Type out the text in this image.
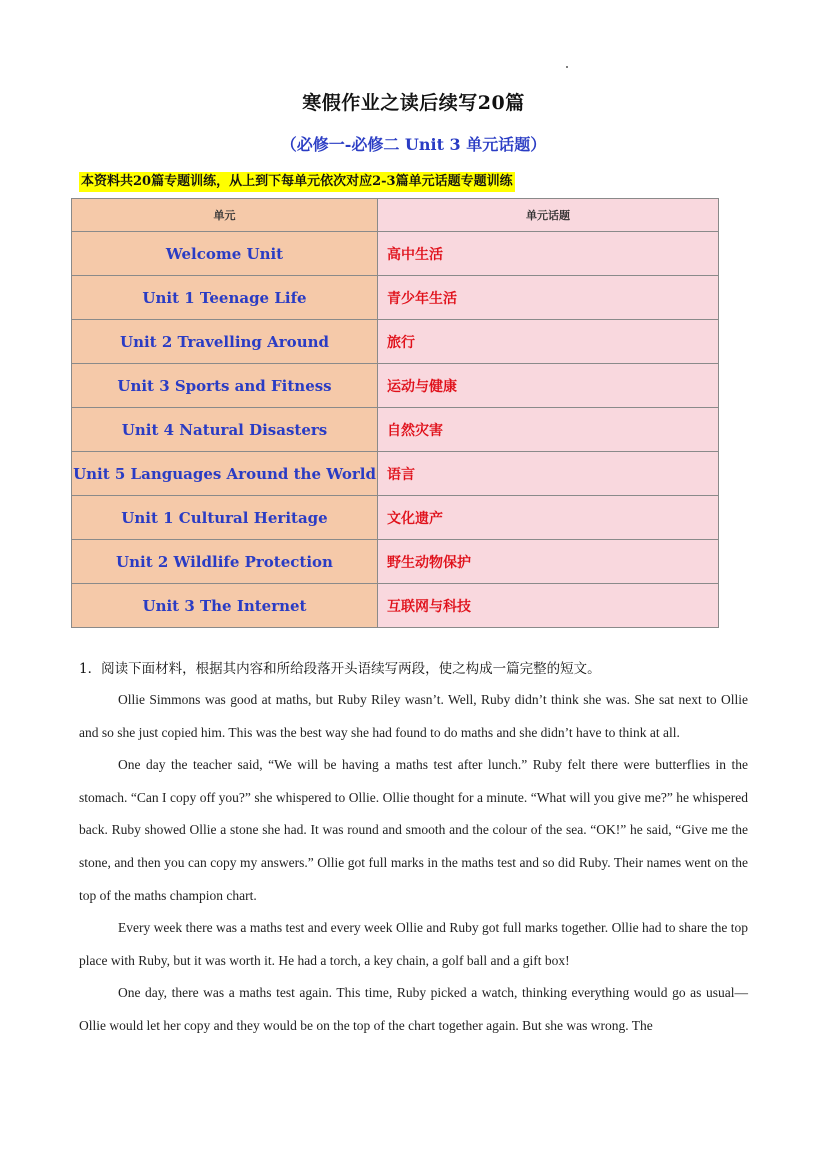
寒假作业之读后续写20篇
（必修一-必修二 Unit 3 单元话题）
本资料共20篇专题训练，从上到下每单元依次对应2-3篇单元话题专题训练
单元	单元话题
Welcome Unit	高中生活
Unit 1 Teenage Life	青少年生活
Unit 2 Travelling Around	旅行
Unit 3 Sports and Fitness	运动与健康
Unit 4 Natural Disasters	自然灾害
Unit 5 Languages Around the World	语言
Unit 1 Cultural Heritage	文化遗产
Unit 2 Wildlife Protection	野生动物保护
Unit 3 The Internet	互联网与科技
1．阅读下面材料，根据其内容和所给段落开头语续写两段，使之构成一篇完整的短文。

Ollie Simmons was good at maths, but Ruby Riley wasn’t. Well, Ruby didn’t think she was. She sat next to Ollie and so she just copied him. This was the best way she had found to do maths and she didn’t have to think at all.

One day the teacher said, “We will be having a maths test after lunch.” Ruby felt there were butterflies in the stomach. “Can I copy off you?” she whispered to Ollie. Ollie thought for a minute. “What will you give me?” he whispered back. Ruby showed Ollie a stone she had. It was round and smooth and the colour of the sea. “OK!” he said, “Give me the stone, and then you can copy my answers.” Ollie got full marks in the maths test and so did Ruby. Their names went on the top of the maths champion chart.

Every week there was a maths test and every week Ollie and Ruby got full marks together. Ollie had to share the top place with Ruby, but it was worth it. He had a torch, a key chain, a golf ball and a gift box!

One day, there was a maths test again. This time, Ruby picked a watch, thinking everything would go as usual—Ollie would let her copy and they would be on the top of the chart together again. But she was wrong. The
